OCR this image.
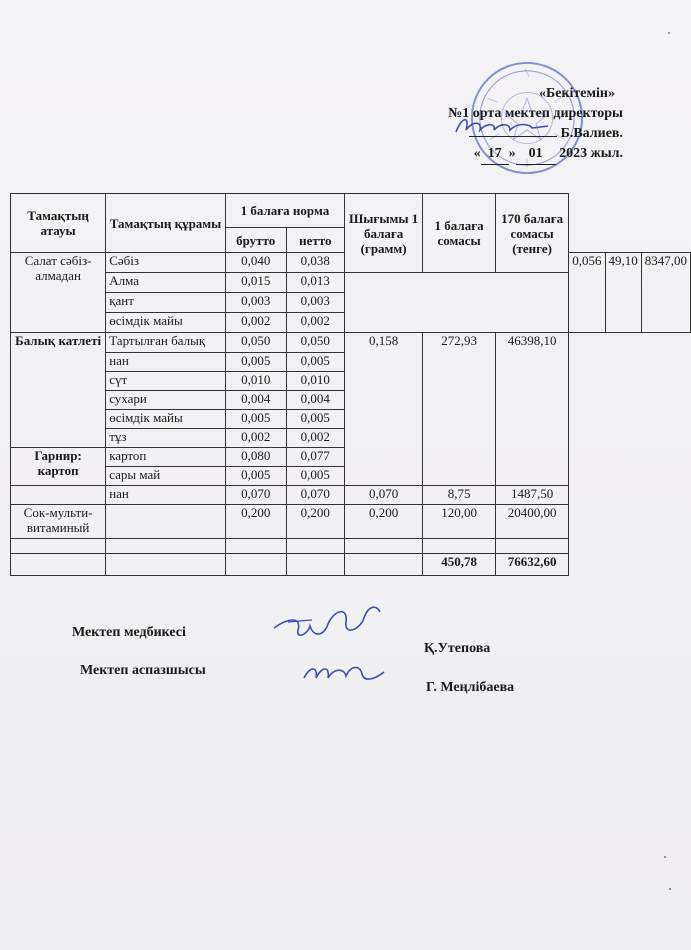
«Бекітемін»
№1 орта мектеп директоры
Б.Валиев.
« 17 » 01 2023 жыл.
Тамақтың атауы	Тамақтың құрамы	1 балаға норма		Шығымы 1 балаға (грамм)	1 балаға сомасы	170 балаға сомасы (тенге)			
		брутто	нетто						
Салат сәбіз-алмадан	Сәбіз	0,040	0,038				0,056	49,10	8347,00
	Алма	0,015	0,013						
	қант	0,003	0,003						
	өсімдік майы	0,002	0,002						
Балық катлеті	Тартылған балық	0,050	0,050	0,158	272,93	46398,10			
	нан	0,005	0,005						
	сүт	0,010	0,010						
	сухари	0,004	0,004						
	өсімдік майы	0,005	0,005						
	тұз	0,002	0,002						
Гарнир: картоп	картоп	0,080	0,077						
	сары май	0,005	0,005						
	нан	0,070	0,070	0,070	8,75	1487,50			
Сок-мульти-витаминый		0,200	0,200	0,200	120,00	20400,00			

					450,78	76632,60			
Мектеп медбикесі
Қ.Утепова
Мектеп аспазшысы
Г. Меңлібаева
